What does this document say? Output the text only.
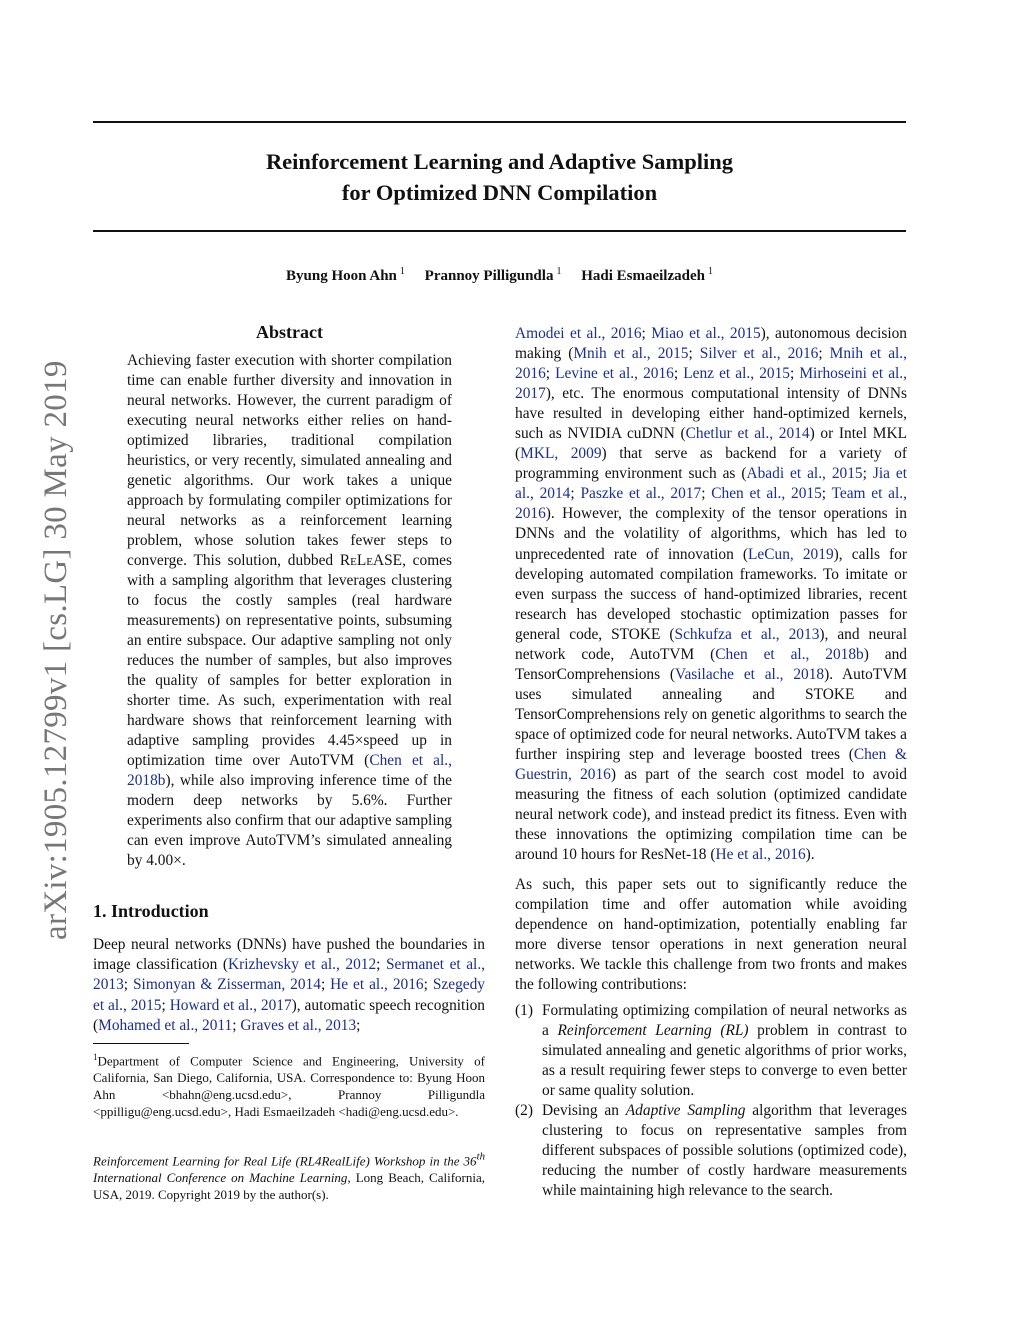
arXiv:1905.12799v1 [cs.LG] 30 May 2019
Reinforcement Learning and Adaptive Sampling
for Optimized DNN Compilation
Byung Hoon Ahn $^1$ Prannoy Pilligundla $^1$ Hadi Esmaeilzadeh $^1$
Abstract
Achieving faster execution with shorter compilation time can enable further diversity and innovation in neural networks. However, the current paradigm of executing neural networks either relies on hand-optimized libraries, traditional compilation heuristics, or very recently, simulated annealing and genetic algorithms. Our work takes a unique approach by formulating compiler optimizations for neural networks as a reinforcement learning problem, whose solution takes fewer steps to converge. This solution, dubbed ReLeASE, comes with a sampling algorithm that leverages clustering to focus the costly samples (real hardware measurements) on representative points, subsuming an entire subspace. Our adaptive sampling not only reduces the number of samples, but also improves the quality of samples for better exploration in shorter time. As such, experimentation with real hardware shows that reinforcement learning with adaptive sampling provides 4.45×speed up in optimization time over AutoTVM (Chen et al., 2018b), while also improving inference time of the modern deep networks by 5.6%. Further experiments also confirm that our adaptive sampling can even improve AutoTVM’s simulated annealing by 4.00×.
1. Introduction
Deep neural networks (DNNs) have pushed the boundaries in image classification (Krizhevsky et al., 2012; Sermanet et al., 2013; Simonyan & Zisserman, 2014; He et al., 2016; Szegedy et al., 2015; Howard et al., 2017), automatic speech recognition (Mohamed et al., 2011; Graves et al., 2013;
$^1$Department of Computer Science and Engineering, University of California, San Diego, California, USA. Correspondence to: Byung Hoon Ahn <bhahn@eng.ucsd.edu>, Prannoy Pilligundla <ppilligu@eng.ucsd.edu>, Hadi Esmaeilzadeh <hadi@eng.ucsd.edu>.
Reinforcement Learning for Real Life (RL4RealLife) Workshop in the 36th International Conference on Machine Learning, Long Beach, California, USA, 2019. Copyright 2019 by the author(s).
Amodei et al., 2016; Miao et al., 2015), autonomous decision making (Mnih et al., 2015; Silver et al., 2016; Mnih et al., 2016; Levine et al., 2016; Lenz et al., 2015; Mirhoseini et al., 2017), etc. The enormous computational intensity of DNNs have resulted in developing either hand-optimized kernels, such as NVIDIA cuDNN (Chetlur et al., 2014) or Intel MKL (MKL, 2009) that serve as backend for a variety of programming environment such as (Abadi et al., 2015; Jia et al., 2014; Paszke et al., 2017; Chen et al., 2015; Team et al., 2016). However, the complexity of the tensor operations in DNNs and the volatility of algorithms, which has led to unprecedented rate of innovation (LeCun, 2019), calls for developing automated compilation frameworks. To imitate or even surpass the success of hand-optimized libraries, recent research has developed stochastic optimization passes for general code, STOKE (Schkufza et al., 2013), and neural network code, AutoTVM (Chen et al., 2018b) and TensorComprehensions (Vasilache et al., 2018). AutoTVM uses simulated annealing and STOKE and TensorComprehensions rely on genetic algorithms to search the space of optimized code for neural networks. AutoTVM takes a further inspiring step and leverage boosted trees (Chen & Guestrin, 2016) as part of the search cost model to avoid measuring the fitness of each solution (optimized candidate neural network code), and instead predict its fitness. Even with these innovations the optimizing compilation time can be around 10 hours for ResNet-18 (He et al., 2016).
As such, this paper sets out to significantly reduce the compilation time and offer automation while avoiding dependence on hand-optimization, potentially enabling far more diverse tensor operations in next generation neural networks. We tackle this challenge from two fronts and makes the following contributions:
(1) Formulating optimizing compilation of neural networks as a Reinforcement Learning (RL) problem in contrast to simulated annealing and genetic algorithms of prior works, as a result requiring fewer steps to converge to even better or same quality solution.
(2) Devising an Adaptive Sampling algorithm that leverages clustering to focus on representative samples from different subspaces of possible solutions (optimized code), reducing the number of costly hardware measurements while maintaining high relevance to the search.
